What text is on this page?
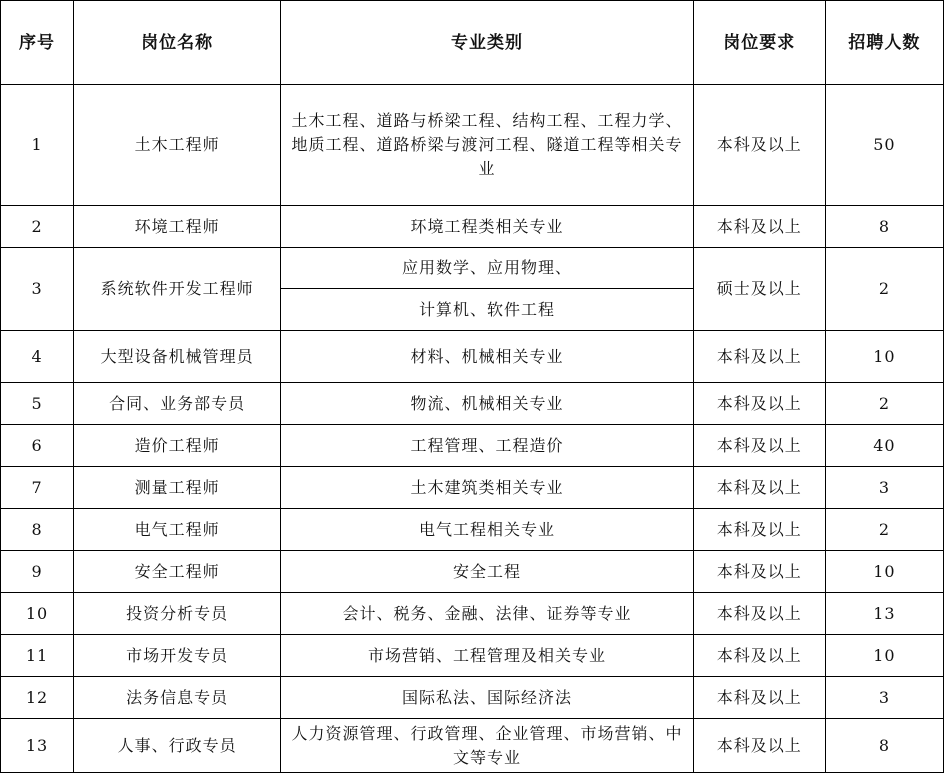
序号	岗位名称	专业类别	岗位要求	招聘人数
1	土木工程师	土木工程、道路与桥梁工程、结构工程、工程力学、地质工程、道路桥梁与渡河工程、隧道工程等相关专业	本科及以上	50
2	环境工程师	环境工程类相关专业	本科及以上	8
3	系统软件开发工程师	应用数学、应用物理、	硕士及以上	2
		计算机、软件工程		
4	大型设备机械管理员	材料、机械相关专业	本科及以上	10
5	合同、业务部专员	物流、机械相关专业	本科及以上	2
6	造价工程师	工程管理、工程造价	本科及以上	40
7	测量工程师	土木建筑类相关专业	本科及以上	3
8	电气工程师	电气工程相关专业	本科及以上	2
9	安全工程师	安全工程	本科及以上	10
10	投资分析专员	会计、税务、金融、法律、证券等专业	本科及以上	13
11	市场开发专员	市场营销、工程管理及相关专业	本科及以上	10
12	法务信息专员	国际私法、国际经济法	本科及以上	3
13	人事、行政专员	人力资源管理、行政管理、企业管理、市场营销、中文等专业	本科及以上	8
